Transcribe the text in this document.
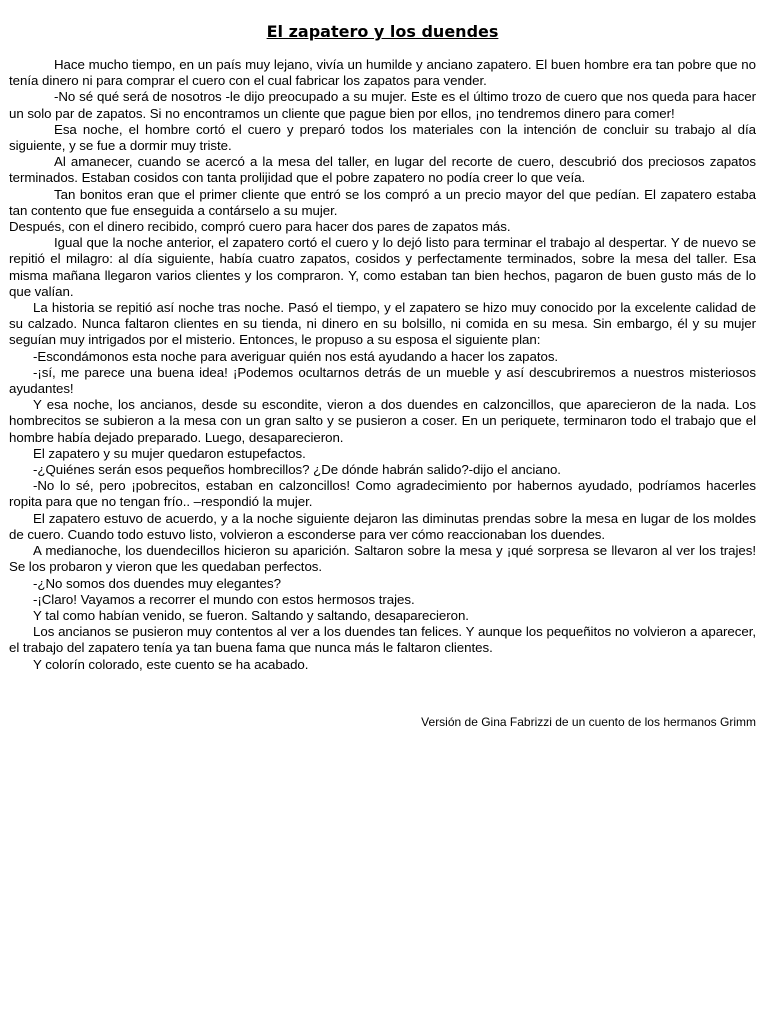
El zapatero y los duendes

Hace mucho tiempo, en un país muy lejano, vivía un humilde y anciano zapatero. El buen hombre era tan pobre que no tenía dinero ni para comprar el cuero con el cual fabricar los zapatos para vender.

-No sé qué será de nosotros -le dijo preocupado a su mujer. Este es el último trozo de cuero que nos queda para hacer un solo par de zapatos. Si no encontramos un cliente que pague bien por ellos, ¡no tendremos dinero para comer!

Esa noche, el hombre cortó el cuero y preparó todos los materiales con la intención de concluir su trabajo al día siguiente, y se fue a dormir muy triste.

Al amanecer, cuando se acercó a la mesa del taller, en lugar del recorte de cuero, descubrió dos preciosos zapatos terminados. Estaban cosidos con tanta prolijidad que el pobre zapatero no podía creer lo que veía.

Tan bonitos eran que el primer cliente que entró se los compró a un precio mayor del que pedían. El zapatero estaba tan contento que fue enseguida a contárselo a su mujer.

Después, con el dinero recibido, compró cuero para hacer dos pares de zapatos más.

Igual que la noche anterior, el zapatero cortó el cuero y lo dejó listo para terminar el trabajo al despertar. Y de nuevo se repitió el milagro: al día siguiente, había cuatro zapatos, cosidos y perfectamente terminados, sobre la mesa del taller. Esa misma mañana llegaron varios clientes y los compraron. Y, como estaban tan bien hechos, pagaron de buen gusto más de lo que valían.

La historia se repitió así noche tras noche. Pasó el tiempo, y el zapatero se hizo muy conocido por la excelente calidad de su calzado. Nunca faltaron clientes en su tienda, ni dinero en su bolsillo, ni comida en su mesa. Sin embargo, él y su mujer seguían muy intrigados por el misterio. Entonces, le propuso a su esposa el siguiente plan:

-Escondámonos esta noche para averiguar quién nos está ayudando a hacer los zapatos.

-¡sí, me parece una buena idea! ¡Podemos ocultarnos detrás de un mueble y así descubriremos a nuestros misteriosos ayudantes!

Y esa noche, los ancianos, desde su escondite, vieron a dos duendes en calzoncillos, que aparecieron de la nada. Los hombrecitos se subieron a la mesa con un gran salto y se pusieron a coser. En un periquete, terminaron todo el trabajo que el hombre había dejado preparado. Luego, desaparecieron.

El zapatero y su mujer quedaron estupefactos.

-¿Quiénes serán esos pequeños hombrecillos? ¿De dónde habrán salido?-dijo el anciano.

-No lo sé, pero ¡pobrecitos, estaban en calzoncillos! Como agradecimiento por habernos ayudado, podríamos hacerles ropita para que no tengan frío.. –respondió la mujer.

El zapatero estuvo de acuerdo, y a la noche siguiente dejaron las diminutas prendas sobre la mesa en lugar de los moldes de cuero. Cuando todo estuvo listo, volvieron a esconderse para ver cómo reaccionaban los duendes.

A medianoche, los duendecillos hicieron su aparición. Saltaron sobre la mesa y ¡qué sorpresa se llevaron al ver los trajes! Se los probaron y vieron que les quedaban perfectos.

-¿No somos dos duendes muy elegantes?

-¡Claro! Vayamos a recorrer el mundo con estos hermosos trajes.

Y tal como habían venido, se fueron. Saltando y saltando, desaparecieron.

Los ancianos se pusieron muy contentos al ver a los duendes tan felices. Y aunque los pequeñitos no volvieron a aparecer, el trabajo del zapatero tenía ya tan buena fama que nunca más le faltaron clientes.

Y colorín colorado, este cuento se ha acabado.

Versión de Gina Fabrizzi de un cuento de los hermanos Grimm
